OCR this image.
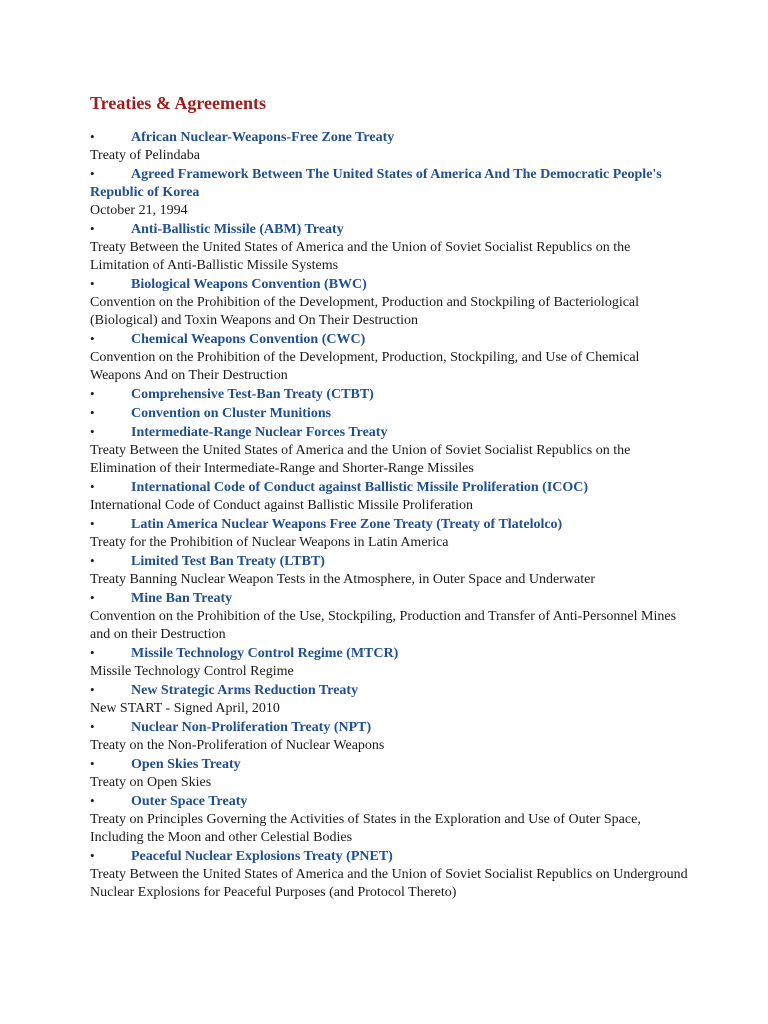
Treaties & Agreements
•	African Nuclear-Weapons-Free Zone Treaty
Treaty of Pelindaba
•	Agreed Framework Between The United States of America And The Democratic People's Republic of Korea
October 21, 1994
•	Anti-Ballistic Missile (ABM) Treaty
Treaty Between the United States of America and the Union of Soviet Socialist Republics on the Limitation of Anti-Ballistic Missile Systems
•	Biological Weapons Convention (BWC)
Convention on the Prohibition of the Development, Production and Stockpiling of Bacteriological (Biological) and Toxin Weapons and On Their Destruction
•	Chemical Weapons Convention (CWC)
Convention on the Prohibition of the Development, Production, Stockpiling, and Use of Chemical Weapons And on Their Destruction
•	Comprehensive Test-Ban Treaty (CTBT)
•	Convention on Cluster Munitions
•	Intermediate-Range Nuclear Forces Treaty
Treaty Between the United States of America and the Union of Soviet Socialist Republics on the Elimination of their Intermediate-Range and Shorter-Range Missiles
•	International Code of Conduct against Ballistic Missile Proliferation (ICOC)
International Code of Conduct against Ballistic Missile Proliferation
•	Latin America Nuclear Weapons Free Zone Treaty (Treaty of Tlatelolco)
Treaty for the Prohibition of Nuclear Weapons in Latin America
•	Limited Test Ban Treaty (LTBT)
Treaty Banning Nuclear Weapon Tests in the Atmosphere, in Outer Space and Underwater
•	Mine Ban Treaty
Convention on the Prohibition of the Use, Stockpiling, Production and Transfer of Anti-Personnel Mines and on their Destruction
•	Missile Technology Control Regime (MTCR)
Missile Technology Control Regime
•	New Strategic Arms Reduction Treaty
New START - Signed April, 2010
•	Nuclear Non-Proliferation Treaty (NPT)
Treaty on the Non-Proliferation of Nuclear Weapons
•	Open Skies Treaty
Treaty on Open Skies
•	Outer Space Treaty
Treaty on Principles Governing the Activities of States in the Exploration and Use of Outer Space, Including the Moon and other Celestial Bodies
•	Peaceful Nuclear Explosions Treaty (PNET)
Treaty Between the United States of America and the Union of Soviet Socialist Republics on Underground Nuclear Explosions for Peaceful Purposes (and Protocol Thereto)
